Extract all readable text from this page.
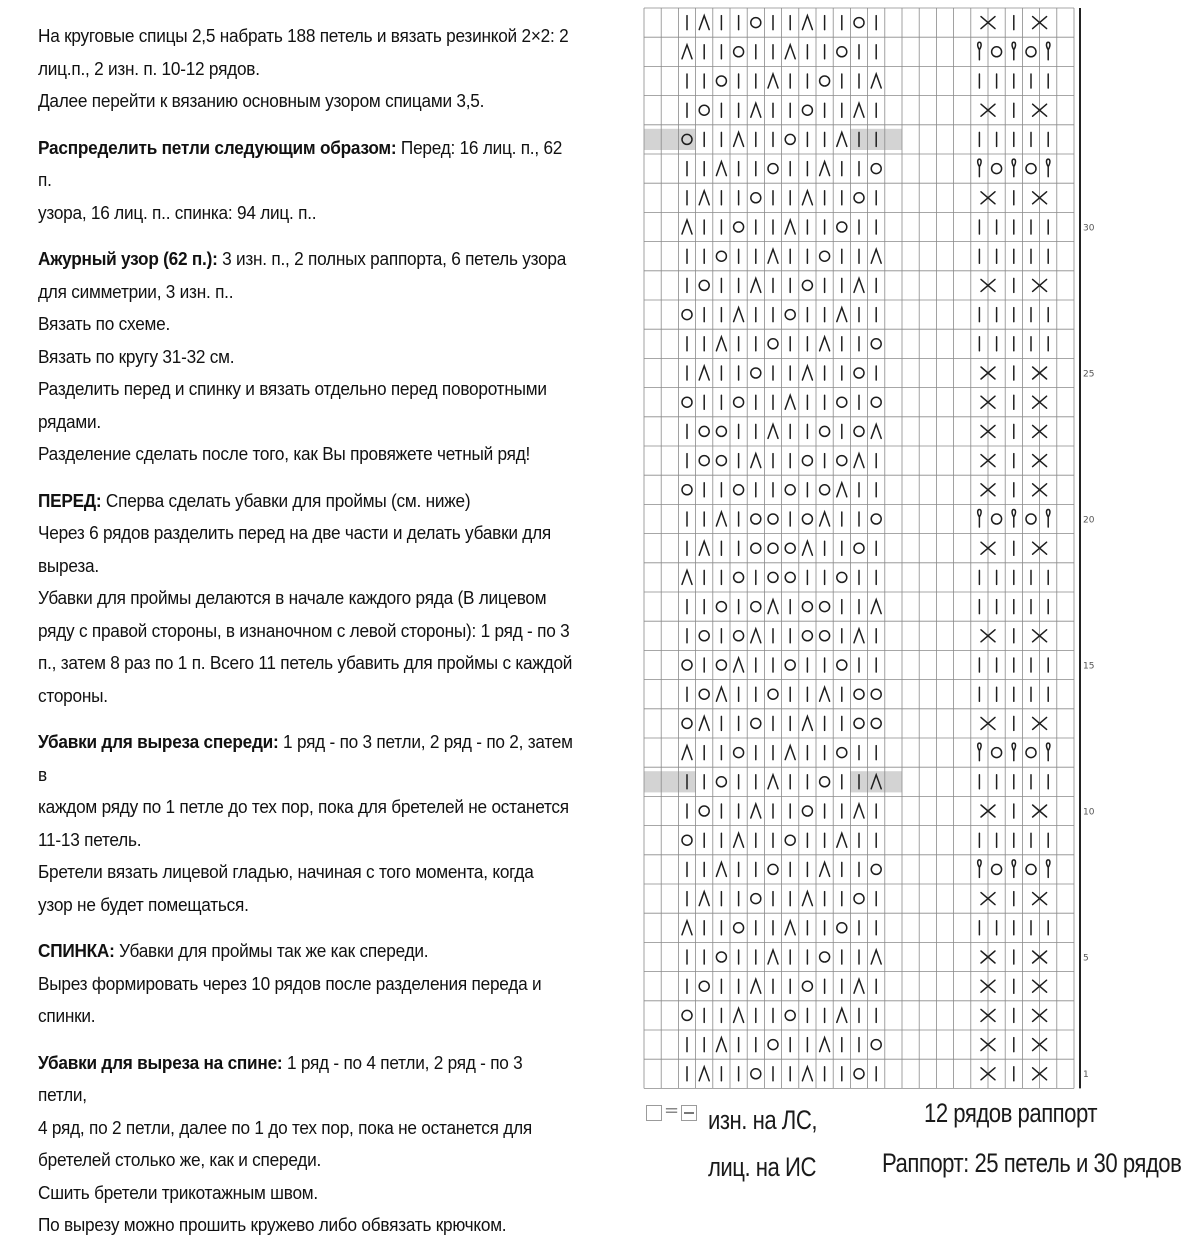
На круговые спицы 2,5 набрать 188 петель и вязать резинкой 2×2: 2

лиц.п., 2 изн. п. 10-12 рядов.

Далее перейти к вязанию основным узором спицами 3,5.

Распределить петли следующим образом: Перед: 16 лиц. п., 62 п.

узора, 16 лиц. п.. спинка: 94 лиц. п..

Ажурный узор (62 п.): 3 изн. п., 2 полных раппорта, 6 петель узора

для симметрии, 3 изн. п..

Вязать по схеме.

Вязать по кругу 31-32 см.

Разделить перед и спинку и вязать отдельно перед поворотными

рядами.

Разделение сделать после того, как Вы провяжете четный ряд!

ПЕРЕД: Сперва сделать убавки для проймы (см. ниже)

Через 6 рядов разделить перед на две части и делать убавки для

выреза.

Убавки для проймы делаются в начале каждого ряда (В лицевом

ряду с правой стороны, в изнаночном с левой стороны): 1 ряд - по 3

п., затем 8 раз по 1 п. Всего 11 петель убавить для проймы с каждой

стороны.

Убавки для выреза спереди: 1 ряд - по 3 петли, 2 ряд - по 2, затем в

каждом ряду по 1 петле до тех пор, пока для бретелей не останется

11-13 петель.

Бретели вязать лицевой гладью, начиная с того момента, когда

узор не будет помещаться.

СПИНКА: Убавки для проймы так же как спереди.

Вырез формировать через 10 рядов после разделения переда и

спинки.

Убавки для выреза на спине: 1 ряд - по 4 петли, 2 ряд - по 3 петли,

4 ряд, по 2 петли, далее по 1 до тех пор, пока не останется для

бретелей столько же, как и спереди.

Сшить бретели трикотажным швом.

По вырезу можно прошить кружево либо обвязать крючком.

1
5
10
15
20
25
30
= изн. на ЛС,
лиц. на ИС
12 рядов раппорт
Раппорт: 25 петель и 30 рядов
